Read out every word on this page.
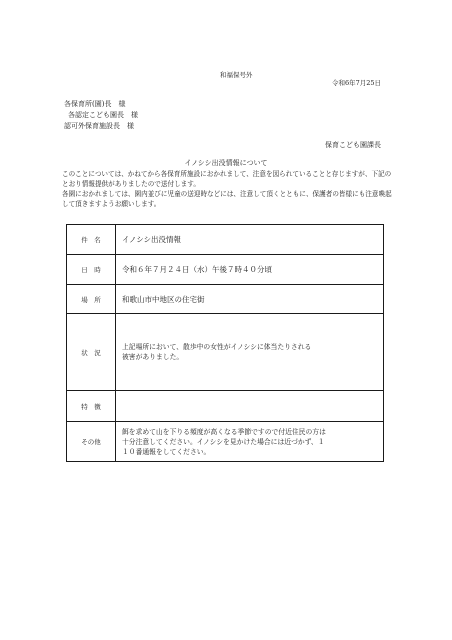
和福保号外
令和6年7月25日
各保育所(園)長　様
各認定こども園長　様
認可外保育施設長　様
保育こども園課長
イノシシ出没情報について

このことについては、かねてから各保育所施設におかれまして、注意を図られていることと存じますが、下記のとおり情報提供がありましたので送付します。

各園におかれましては、園内並びに児童の送迎時などには、注意して頂くとともに、保護者の皆様にも注意喚起して頂きますようお願いします。

件　名	イノシシ出没情報
日　時	令和６年７月２４日（水）午後７時４０分頃
場　所	和歌山市中地区の住宅街
状　況	上記場所において、散歩中の女性がイノシシに体当たりされる
被害がありました。

特　徴	
その他	餌を求めて山を下りる頻度が高くなる季節ですので付近住民の方は
十分注意してください。イノシシを見かけた場合には近づかず、１
１０番通報をしてください。
